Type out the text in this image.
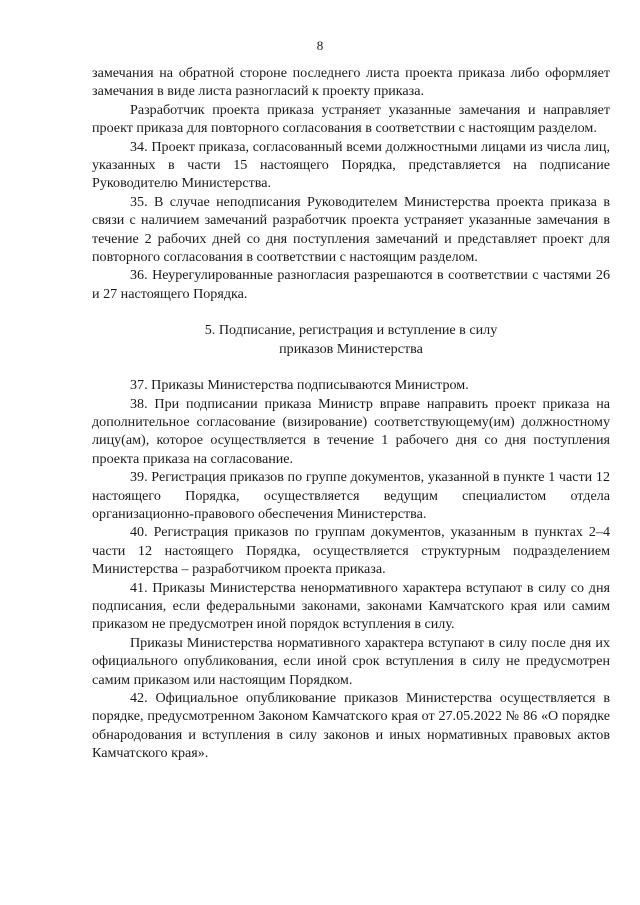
8

замечания на обратной стороне последнего листа проекта приказа либо оформляет замечания в виде листа разногласий к проекту приказа.

Разработчик проекта приказа устраняет указанные замечания и направляет проект приказа для повторного согласования в соответствии с настоящим разделом.

34. Проект приказа, согласованный всеми должностными лицами из числа лиц, указанных в части 15 настоящего Порядка, представляется на подписание Руководителю Министерства.

35. В случае неподписания Руководителем Министерства проекта приказа в связи с наличием замечаний разработчик проекта устраняет указанные замечания в течение 2 рабочих дней со дня поступления замечаний и представляет проект для повторного согласования в соответствии с настоящим разделом.

36. Неурегулированные разногласия разрешаются в соответствии с частями 26 и 27 настоящего Порядка.

5. Подписание, регистрация и вступление в силу
приказов Министерства

37. Приказы Министерства подписываются Министром.

38. При подписании приказа Министр вправе направить проект приказа на дополнительное согласование (визирование) соответствующему(им) должностному лицу(ам), которое осуществляется в течение 1 рабочего дня со дня поступления проекта приказа на согласование.

39. Регистрация приказов по группе документов, указанной в пункте 1 части 12 настоящего Порядка, осуществляется ведущим специалистом отдела организационно-правового обеспечения Министерства.

40. Регистрация приказов по группам документов, указанным в пунктах 2–4 части 12 настоящего Порядка, осуществляется структурным подразделением Министерства – разработчиком проекта приказа.

41. Приказы Министерства ненормативного характера вступают в силу со дня подписания, если федеральными законами, законами Камчатского края или самим приказом не предусмотрен иной порядок вступления в силу.

Приказы Министерства нормативного характера вступают в силу после дня их официального опубликования, если иной срок вступления в силу не предусмотрен самим приказом или настоящим Порядком.

42. Официальное опубликование приказов Министерства осуществляется в порядке, предусмотренном Законом Камчатского края от 27.05.2022 № 86 «О порядке обнародования и вступления в силу законов и иных нормативных правовых актов Камчатского края».
